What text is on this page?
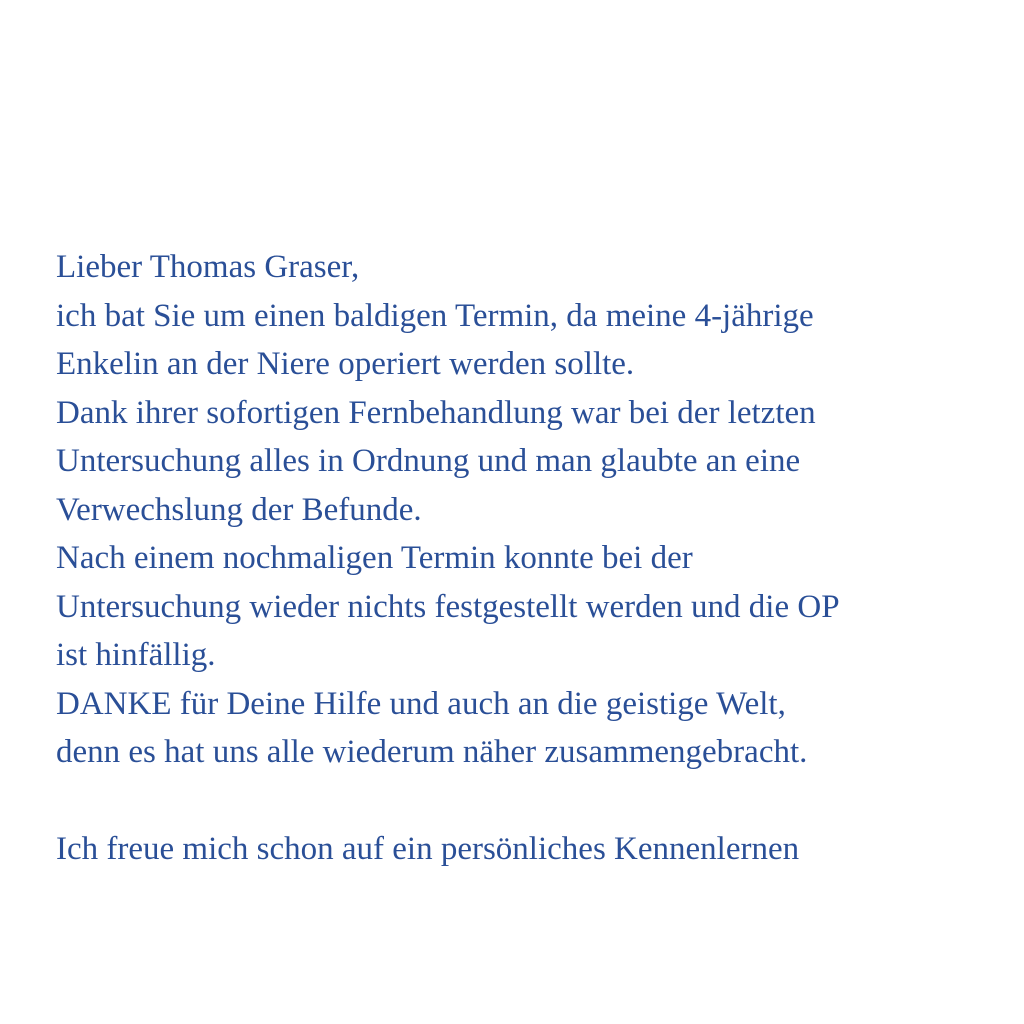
Lieber Thomas Graser,
ich bat Sie um einen baldigen Termin, da meine 4-jährige
Enkelin an der Niere operiert werden sollte.
Dank ihrer sofortigen Fernbehandlung war bei der letzten
Untersuchung alles in Ordnung und man glaubte an eine
Verwechslung der Befunde.
Nach einem nochmaligen Termin konnte bei der
Untersuchung wieder nichts festgestellt werden und die OP
ist hinfällig.
DANKE für Deine Hilfe und auch an die geistige Welt,
denn es hat uns alle wiederum näher zusammengebracht.
Ich freue mich schon auf ein persönliches Kennenlernen
